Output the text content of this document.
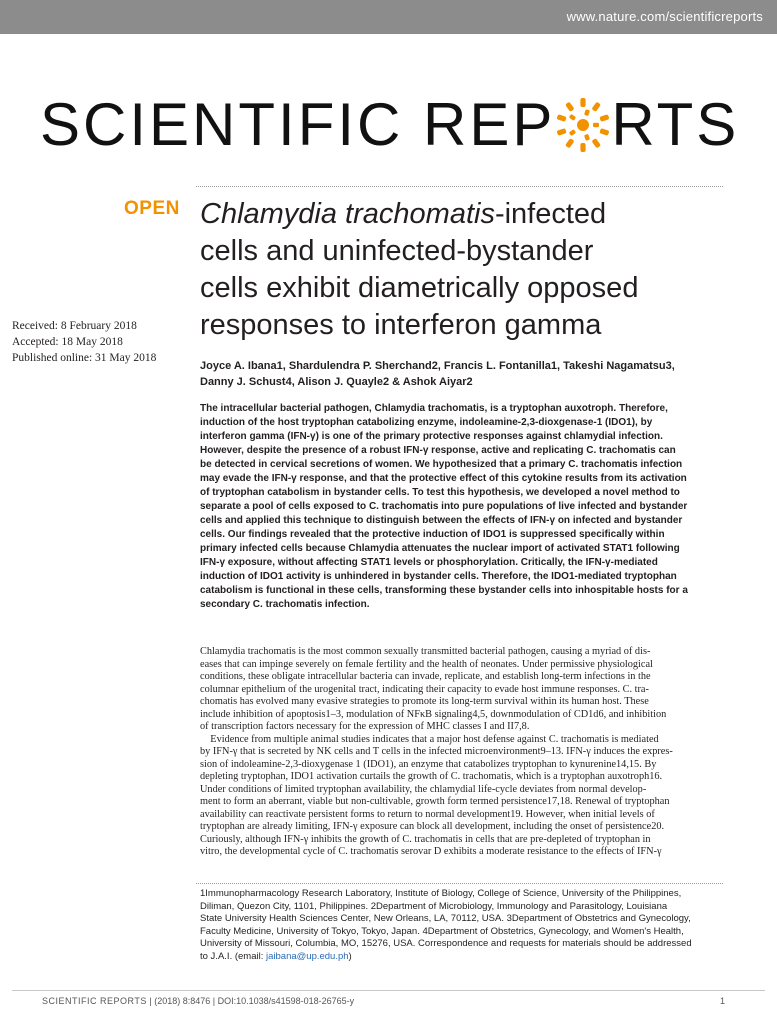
www.nature.com/scientificreports
SCIENTIFIC REP RTS
OPEN Chlamydia trachomatis-infected
cells and uninfected-bystander
cells exhibit diametrically opposed
responses to interferon gamma
Received: 8 February 2018
Accepted: 18 May 2018
Published online: 31 May 2018
Joyce A. Ibana1, Shardulendra P. Sherchand2, Francis L. Fontanilla1, Takeshi Nagamatsu3,
Danny J. Schust4, Alison J. Quayle2 & Ashok Aiyar2
The intracellular bacterial pathogen, Chlamydia trachomatis, is a tryptophan auxotroph. Therefore,
induction of the host tryptophan catabolizing enzyme, indoleamine-2,3-dioxgenase-1 (IDO1), by
interferon gamma (IFN-γ) is one of the primary protective responses against chlamydial infection.
However, despite the presence of a robust IFN-γ response, active and replicating C. trachomatis can
be detected in cervical secretions of women. We hypothesized that a primary C. trachomatis infection
may evade the IFN-γ response, and that the protective effect of this cytokine results from its activation
of tryptophan catabolism in bystander cells. To test this hypothesis, we developed a novel method to
separate a pool of cells exposed to C. trachomatis into pure populations of live infected and bystander
cells and applied this technique to distinguish between the effects of IFN-γ on infected and bystander
cells. Our findings revealed that the protective induction of IDO1 is suppressed specifically within
primary infected cells because Chlamydia attenuates the nuclear import of activated STAT1 following
IFN-γ exposure, without affecting STAT1 levels or phosphorylation. Critically, the IFN-γ-mediated
induction of IDO1 activity is unhindered in bystander cells. Therefore, the IDO1-mediated tryptophan
catabolism is functional in these cells, transforming these bystander cells into inhospitable hosts for a
secondary C. trachomatis infection.
Chlamydia trachomatis is the most common sexually transmitted bacterial pathogen, causing a myriad of dis-
eases that can impinge severely on female fertility and the health of neonates. Under permissive physiological
conditions, these obligate intracellular bacteria can invade, replicate, and establish long-term infections in the
columnar epithelium of the urogenital tract, indicating their capacity to evade host immune responses. C. tra-
chomatis has evolved many evasive strategies to promote its long-term survival within its human host. These
include inhibition of apoptosis1–3, modulation of NFκB signaling4,5, downmodulation of CD1d6, and inhibition
of transcription factors necessary for the expression of MHC classes I and II7,8.
Evidence from multiple animal studies indicates that a major host defense against C. trachomatis is mediated
by IFN-γ that is secreted by NK cells and T cells in the infected microenvironment9–13. IFN-γ induces the expres-
sion of indoleamine-2,3-dioxygenase 1 (IDO1), an enzyme that catabolizes tryptophan to kynurenine14,15. By
depleting tryptophan, IDO1 activation curtails the growth of C. trachomatis, which is a tryptophan auxotroph16.
Under conditions of limited tryptophan availability, the chlamydial life-cycle deviates from normal develop-
ment to form an aberrant, viable but non-cultivable, growth form termed persistence17,18. Renewal of tryptophan
availability can reactivate persistent forms to return to normal development19. However, when initial levels of
tryptophan are already limiting, IFN-γ exposure can block all development, including the onset of persistence20.
Curiously, although IFN-γ inhibits the growth of C. trachomatis in cells that are pre-depleted of tryptophan in
vitro, the developmental cycle of C. trachomatis serovar D exhibits a moderate resistance to the effects of IFN-γ
1Immunopharmacology Research Laboratory, Institute of Biology, College of Science, University of the Philippines,
Diliman, Quezon City, 1101, Philippines. 2Department of Microbiology, Immunology and Parasitology, Louisiana
State University Health Sciences Center, New Orleans, LA, 70112, USA. 3Department of Obstetrics and Gynecology,
Faculty Medicine, University of Tokyo, Tokyo, Japan. 4Department of Obstetrics, Gynecology, and Women's Health,
University of Missouri, Columbia, MO, 15276, USA. Correspondence and requests for materials should be addressed
to J.A.I. (email: jaibana@up.edu.ph)
SCIENTIFIC REPORTS | (2018) 8:8476 | DOI:10.1038/s41598-018-26765-y	1
